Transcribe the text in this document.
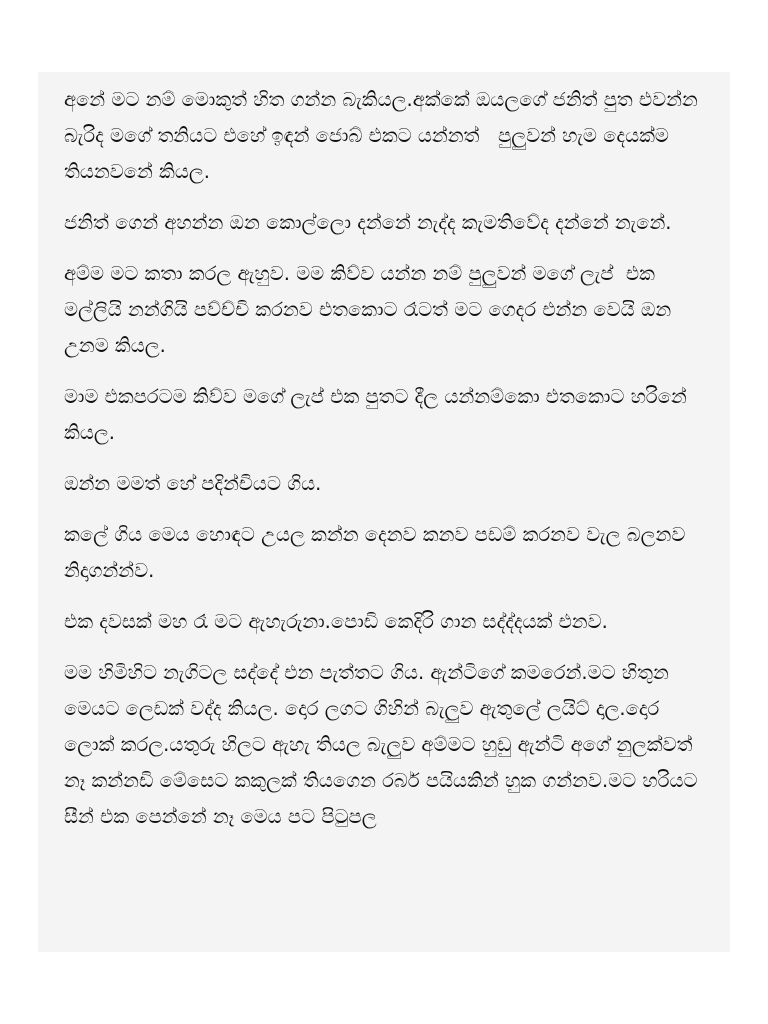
අනේ මට නම් මොකුත් හිත ගන්න බැකියල.අක්කේ ඔයලගේ ජනිත් පුත එවන්න බැරිද මගේ තනියට එහේ ඉඳන් ජොබ් එකට යන්නත්   පුලුවන් හැම දෙයක්ම තියනවනේ කියල.

ජනිත් ගෙන් අහන්න ඔන කොල්ලො දන්නේ නැද්ද කැමතිවේද දන්නේ නැනේ.

අම්ම මට කතා කරල ඇහුව. මම කිව්ව යන්න නම් පුලුවන් මගේ ලැප්  එක මල්ලියි නන්ගියි පව්ච්චි කරනව එතකොට රෑටත් මට ගෙදර එන්න වෙයි ඔන උනම කියල.

මාම එකපරටම කිව්ව මගේ ලැප් එක පුතට දීල යන්නම්කො එතකොට හරිනේ කියල.

ඔන්න මමත් හේ පදින්චියට ගිය.

කලේ ගිය මෙය හොඳට උයල කන්න දෙනව කනව පඩම් කරනව වැල බලනව නිදාගන්න්ව.

එක දවසක් මහ රෑ මට ඇහැරුනා.පොඩි කෙදිරි ගාන සද්ද්දයක් එනව.

මම හිමිහිට නැගිටල සද්දේ එන පැත්තට ගිය. ඇන්ටිගේ කමරෙන්.මට හිතුන මෙයට ලෙඩක් වද්ද කියල. දොර ලගට ගිහින් බැලුව ඇතුලේ ලයිට් දාල.දොර ලොක් කරල.යතුරු හිලට ඇහැ තියල බැලුව අම්මට හුඩු ඇන්ටි අගේ නුලක්වත් නෑ කන්නඩි මේසෙට කකුලක් තියගෙන රබර් පයියකින් හුක ගන්නව.මට හරියට සීන් එක පෙන්නේ නෑ මෙය පට පිටුපල
